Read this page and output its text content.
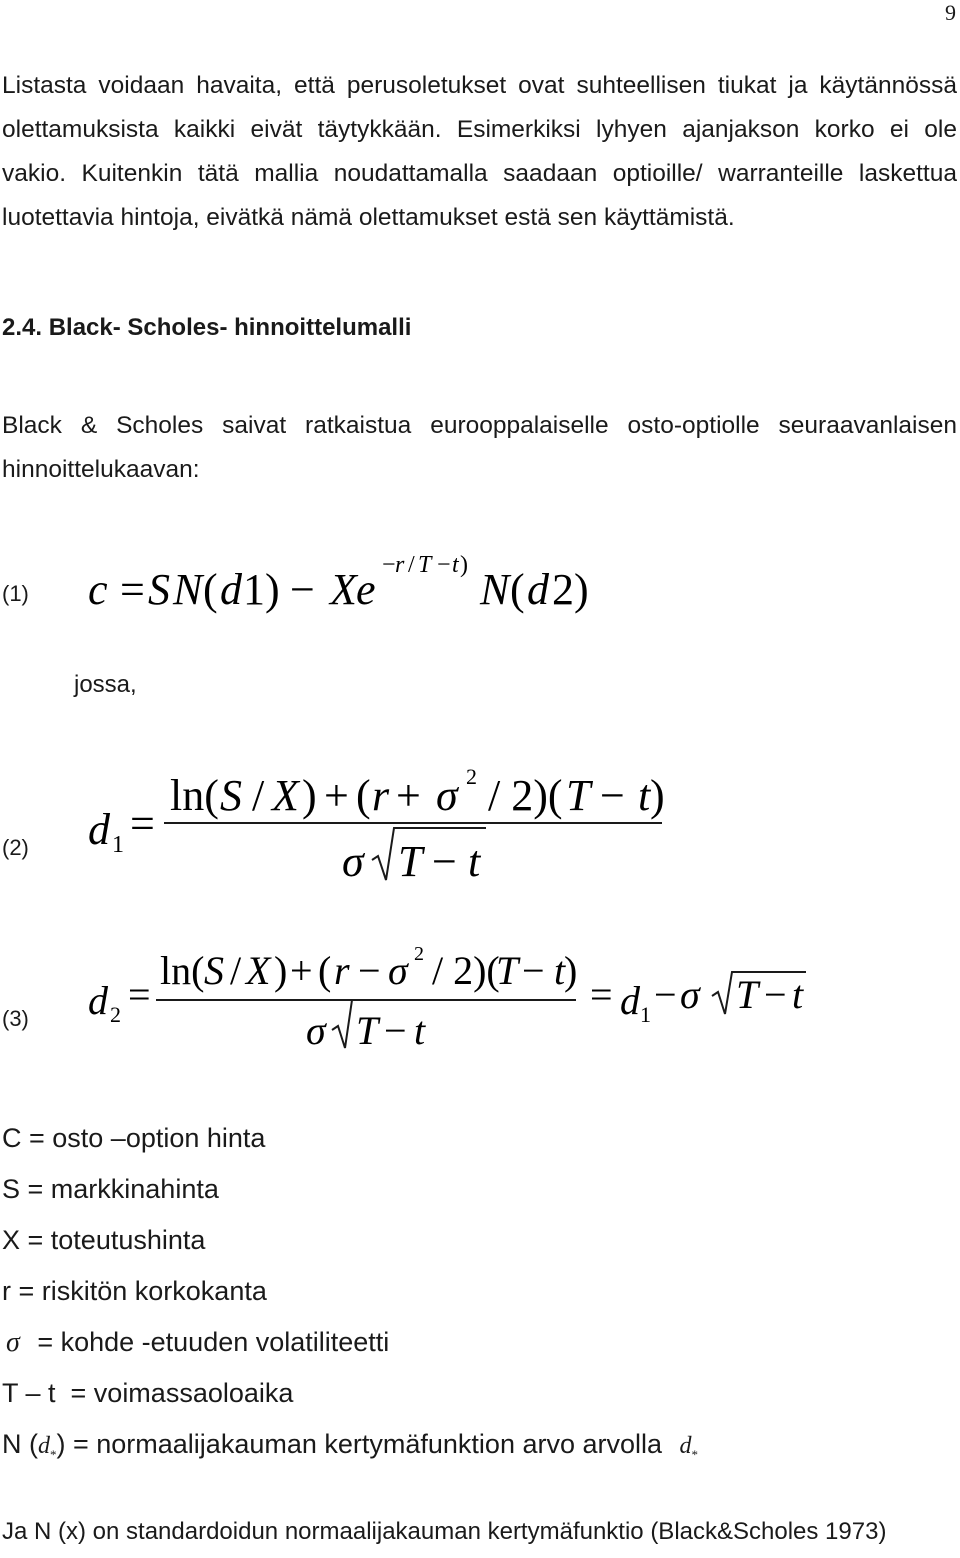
9
Listasta voidaan havaita, että perusoletukset ovat suhteellisen tiukat ja käytännössä
olettamuksista kaikki eivät täytykkään. Esimerkiksi lyhyen ajanjakson korko ei ole
vakio. Kuitenkin tätä mallia noudattamalla saadaan optioille/ warranteille laskettua
luotettavia hintoja, eivätkä nämä olettamukset estä sen käyttämistä.
2.4. Black- Scholes- hinnoittelumalli
Black & Scholes saivat ratkaistua eurooppalaiselle osto-optiolle seuraavanlaisen
hinnoittelukaavan:
(1) c = S N ( d 1 ) − X e N ( d 2 )
− r / T − t )
jossa,
(2) d 1 =
ln( S / X ) + ( r + σ 2 / 2)( T − t )
σ T − t
(3) d 2 =
ln( S / X ) + ( r − σ 2 / 2)(
T − t
)
σ T − t
= d 1 − σ T − t
C = osto –option hinta
S = markkinahinta
X = toteutushinta
r = riskitön korkokanta
σ = kohde -etuuden volatiliteetti
T – t  = voimassaoloaika
N $(d_*)$ = normaalijakauman kertymäfunktion arvo arvolla $d_*$

Ja N (x) on standardoidun normaalijakauman kertymäfunktio (Black&Scholes 1973)
